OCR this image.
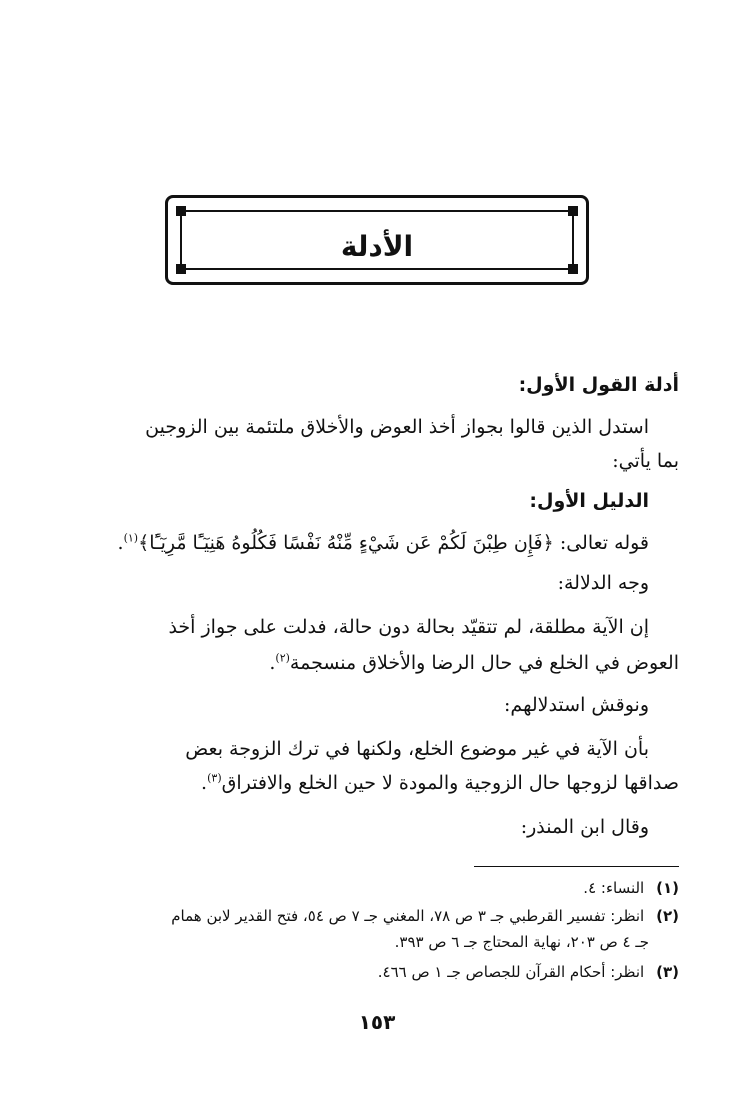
الأدلة
أدلة القول الأول:
استدل الذين قالوا بجواز أخذ العوض والأخلاق ملتئمة بين الزوجين
بما يأتي:
الدليل الأول:
قوله تعالى: ﴿فَإِن طِبْنَ لَكُمْ عَن شَيْءٍ مِّنْهُ نَفْسًا فَكُلُوهُ هَنِيٓـًٔا مَّرِيٓـًٔا﴾$^{(١)}$.
وجه الدلالة:
إن الآية مطلقة، لم تتقيّد بحالة دون حالة، فدلت على جواز أخذ
العوض في الخلع في حال الرضا والأخلاق منسجمة$^{(٢)}$.
ونوقش استدلالهم:
بأن الآية في غير موضوع الخلع، ولكنها في ترك الزوجة بعض
صداقها لزوجها حال الزوجية والمودة لا حين الخلع والافتراق$^{(٣)}$.
وقال ابن المنذر:
(١) النساء: ٤.
(٢) انظر: تفسير القرطبي جـ ٣ ص ٧٨، المغني جـ ٧ ص ٥٤، فتح القدير لابن همام
جـ ٤ ص ٢٠٣، نهاية المحتاج جـ ٦ ص ٣٩٣.
(٣) انظر: أحكام القرآن للجصاص جـ ١ ص ٤٦٦.
١٥٣
